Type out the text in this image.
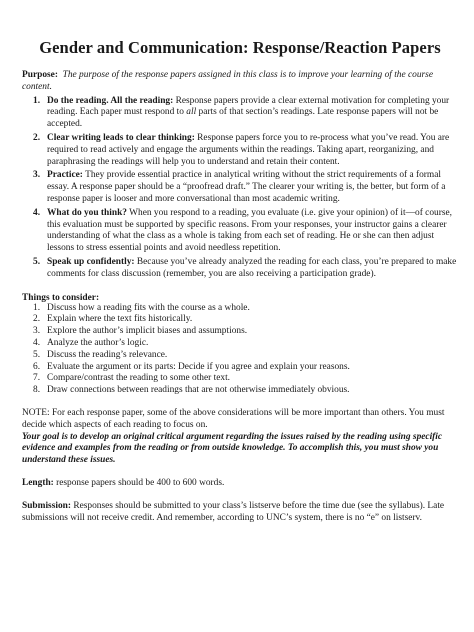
Gender and Communication: Response/Reaction Papers

Purpose: The purpose of the response papers assigned in this class is to improve your learning of the course content.

1. Do the reading. All the reading: Response papers provide a clear external motivation for completing your reading. Each paper must respond to all parts of that section’s readings. Late response papers will not be accepted.
2. Clear writing leads to clear thinking: Response papers force you to re-process what you’ve read. You are required to read actively and engage the arguments within the readings. Taking apart, reorganizing, and paraphrasing the readings will help you to understand and retain their content.
3. Practice: They provide essential practice in analytical writing without the strict requirements of a formal essay. A response paper should be a “proofread draft.” The clearer your writing is, the better, but form of a response paper is looser and more conversational than most academic writing.
4. What do you think? When you respond to a reading, you evaluate (i.e. give your opinion) of it—of course, this evaluation must be supported by specific reasons. From your responses, your instructor gains a clearer understanding of what the class as a whole is taking from each set of reading. He or she can then adjust lessons to stress essential points and avoid needless repetition.
5. Speak up confidently: Because you’ve already analyzed the reading for each class, you’re prepared to make comments for class discussion (remember, you are also receiving a participation grade).

Things to consider:

1. Discuss how a reading fits with the course as a whole.
2. Explain where the text fits historically.
3. Explore the author’s implicit biases and assumptions.
4. Analyze the author’s logic.
5. Discuss the reading’s relevance.
6. Evaluate the argument or its parts: Decide if you agree and explain your reasons.
7. Compare/contrast the reading to some other text.
8. Draw connections between readings that are not otherwise immediately obvious.

NOTE: For each response paper, some of the above considerations will be more important than others. You must decide which aspects of each reading to focus on.
Your goal is to develop an original critical argument regarding the issues raised by the reading using specific evidence and examples from the reading or from outside knowledge. To accomplish this, you must show you understand these issues.

Length: response papers should be 400 to 600 words.

Submission: Responses should be submitted to your class’s listserve before the time due (see the syllabus). Late submissions will not receive credit. And remember, according to UNC’s system, there is no “e” on listserv.
